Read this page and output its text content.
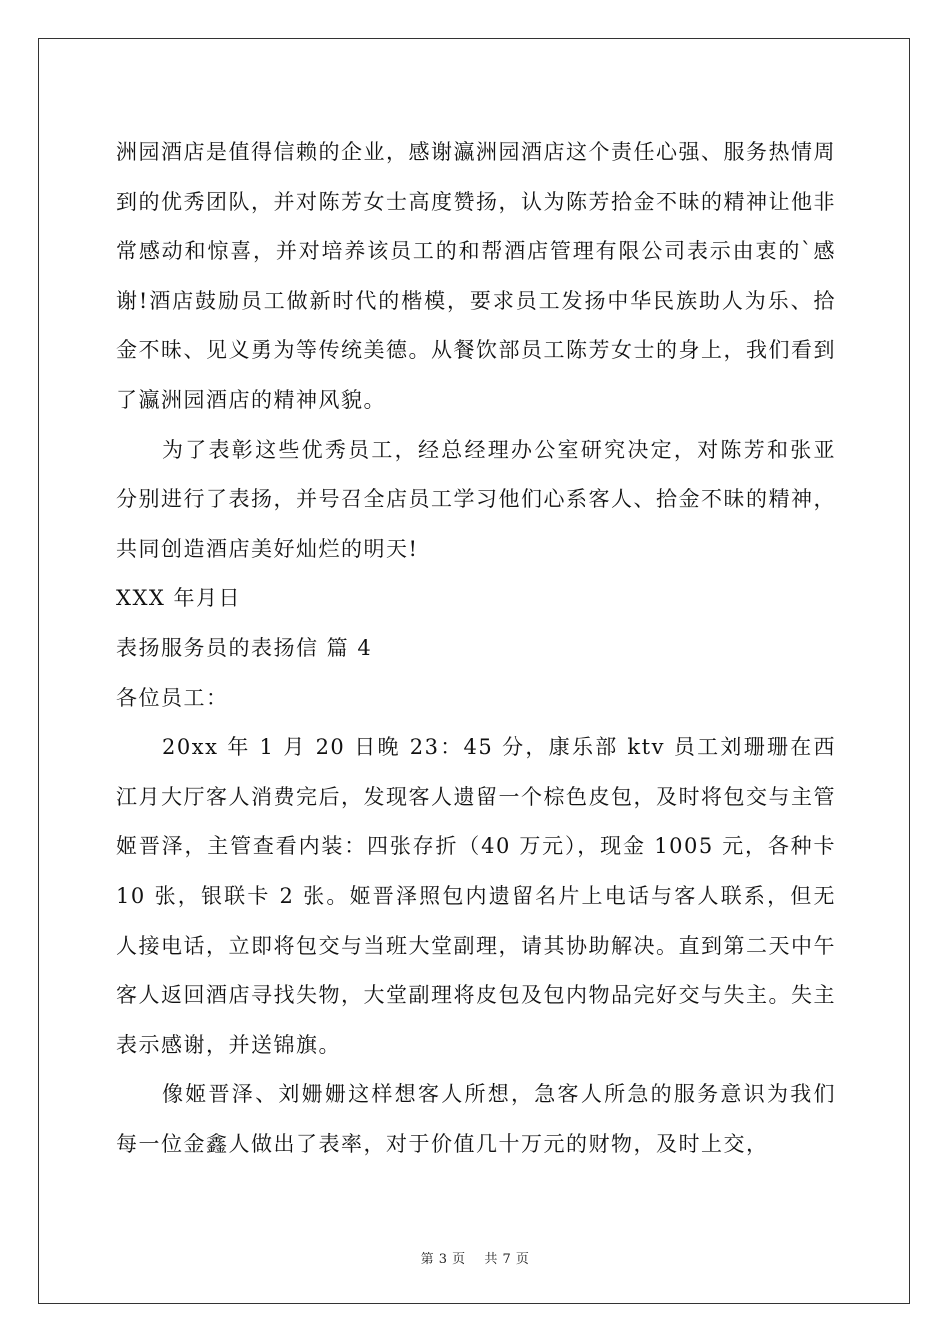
洲园酒店是值得信赖的企业，感谢瀛洲园酒店这个责任心强、服务热情周到的优秀团队，并对陈芳女士高度赞扬，认为陈芳拾金不昧的精神让他非常感动和惊喜，并对培养该员工的和帮酒店管理有限公司表示由衷的`感谢!酒店鼓励员工做新时代的楷模，要求员工发扬中华民族助人为乐、拾金不昧、见义勇为等传统美德。从餐饮部员工陈芳女士的身上，我们看到了瀛洲园酒店的精神风貌。

为了表彰这些优秀员工，经总经理办公室研究决定，对陈芳和张亚分别进行了表扬，并号召全店员工学习他们心系客人、拾金不昧的精神，共同创造酒店美好灿烂的明天!

XXX 年月日

表扬服务员的表扬信 篇 4

各位员工：

20xx 年 1 月 20 日晚 23：45 分，康乐部 ktv 员工刘珊珊在西江月大厅客人消费完后，发现客人遗留一个棕色皮包，及时将包交与主管姬晋泽，主管查看内装：四张存折（40 万元），现金 1005 元，各种卡 10 张，银联卡 2 张。姬晋泽照包内遗留名片上电话与客人联系，但无人接电话，立即将包交与当班大堂副理，请其协助解决。直到第二天中午客人返回酒店寻找失物，大堂副理将皮包及包内物品完好交与失主。失主表示感谢，并送锦旗。

像姬晋泽、刘姗姗这样想客人所想，急客人所急的服务意识为我们每一位金鑫人做出了表率，对于价值几十万元的财物，及时上交，

第 3 页 共 7 页
